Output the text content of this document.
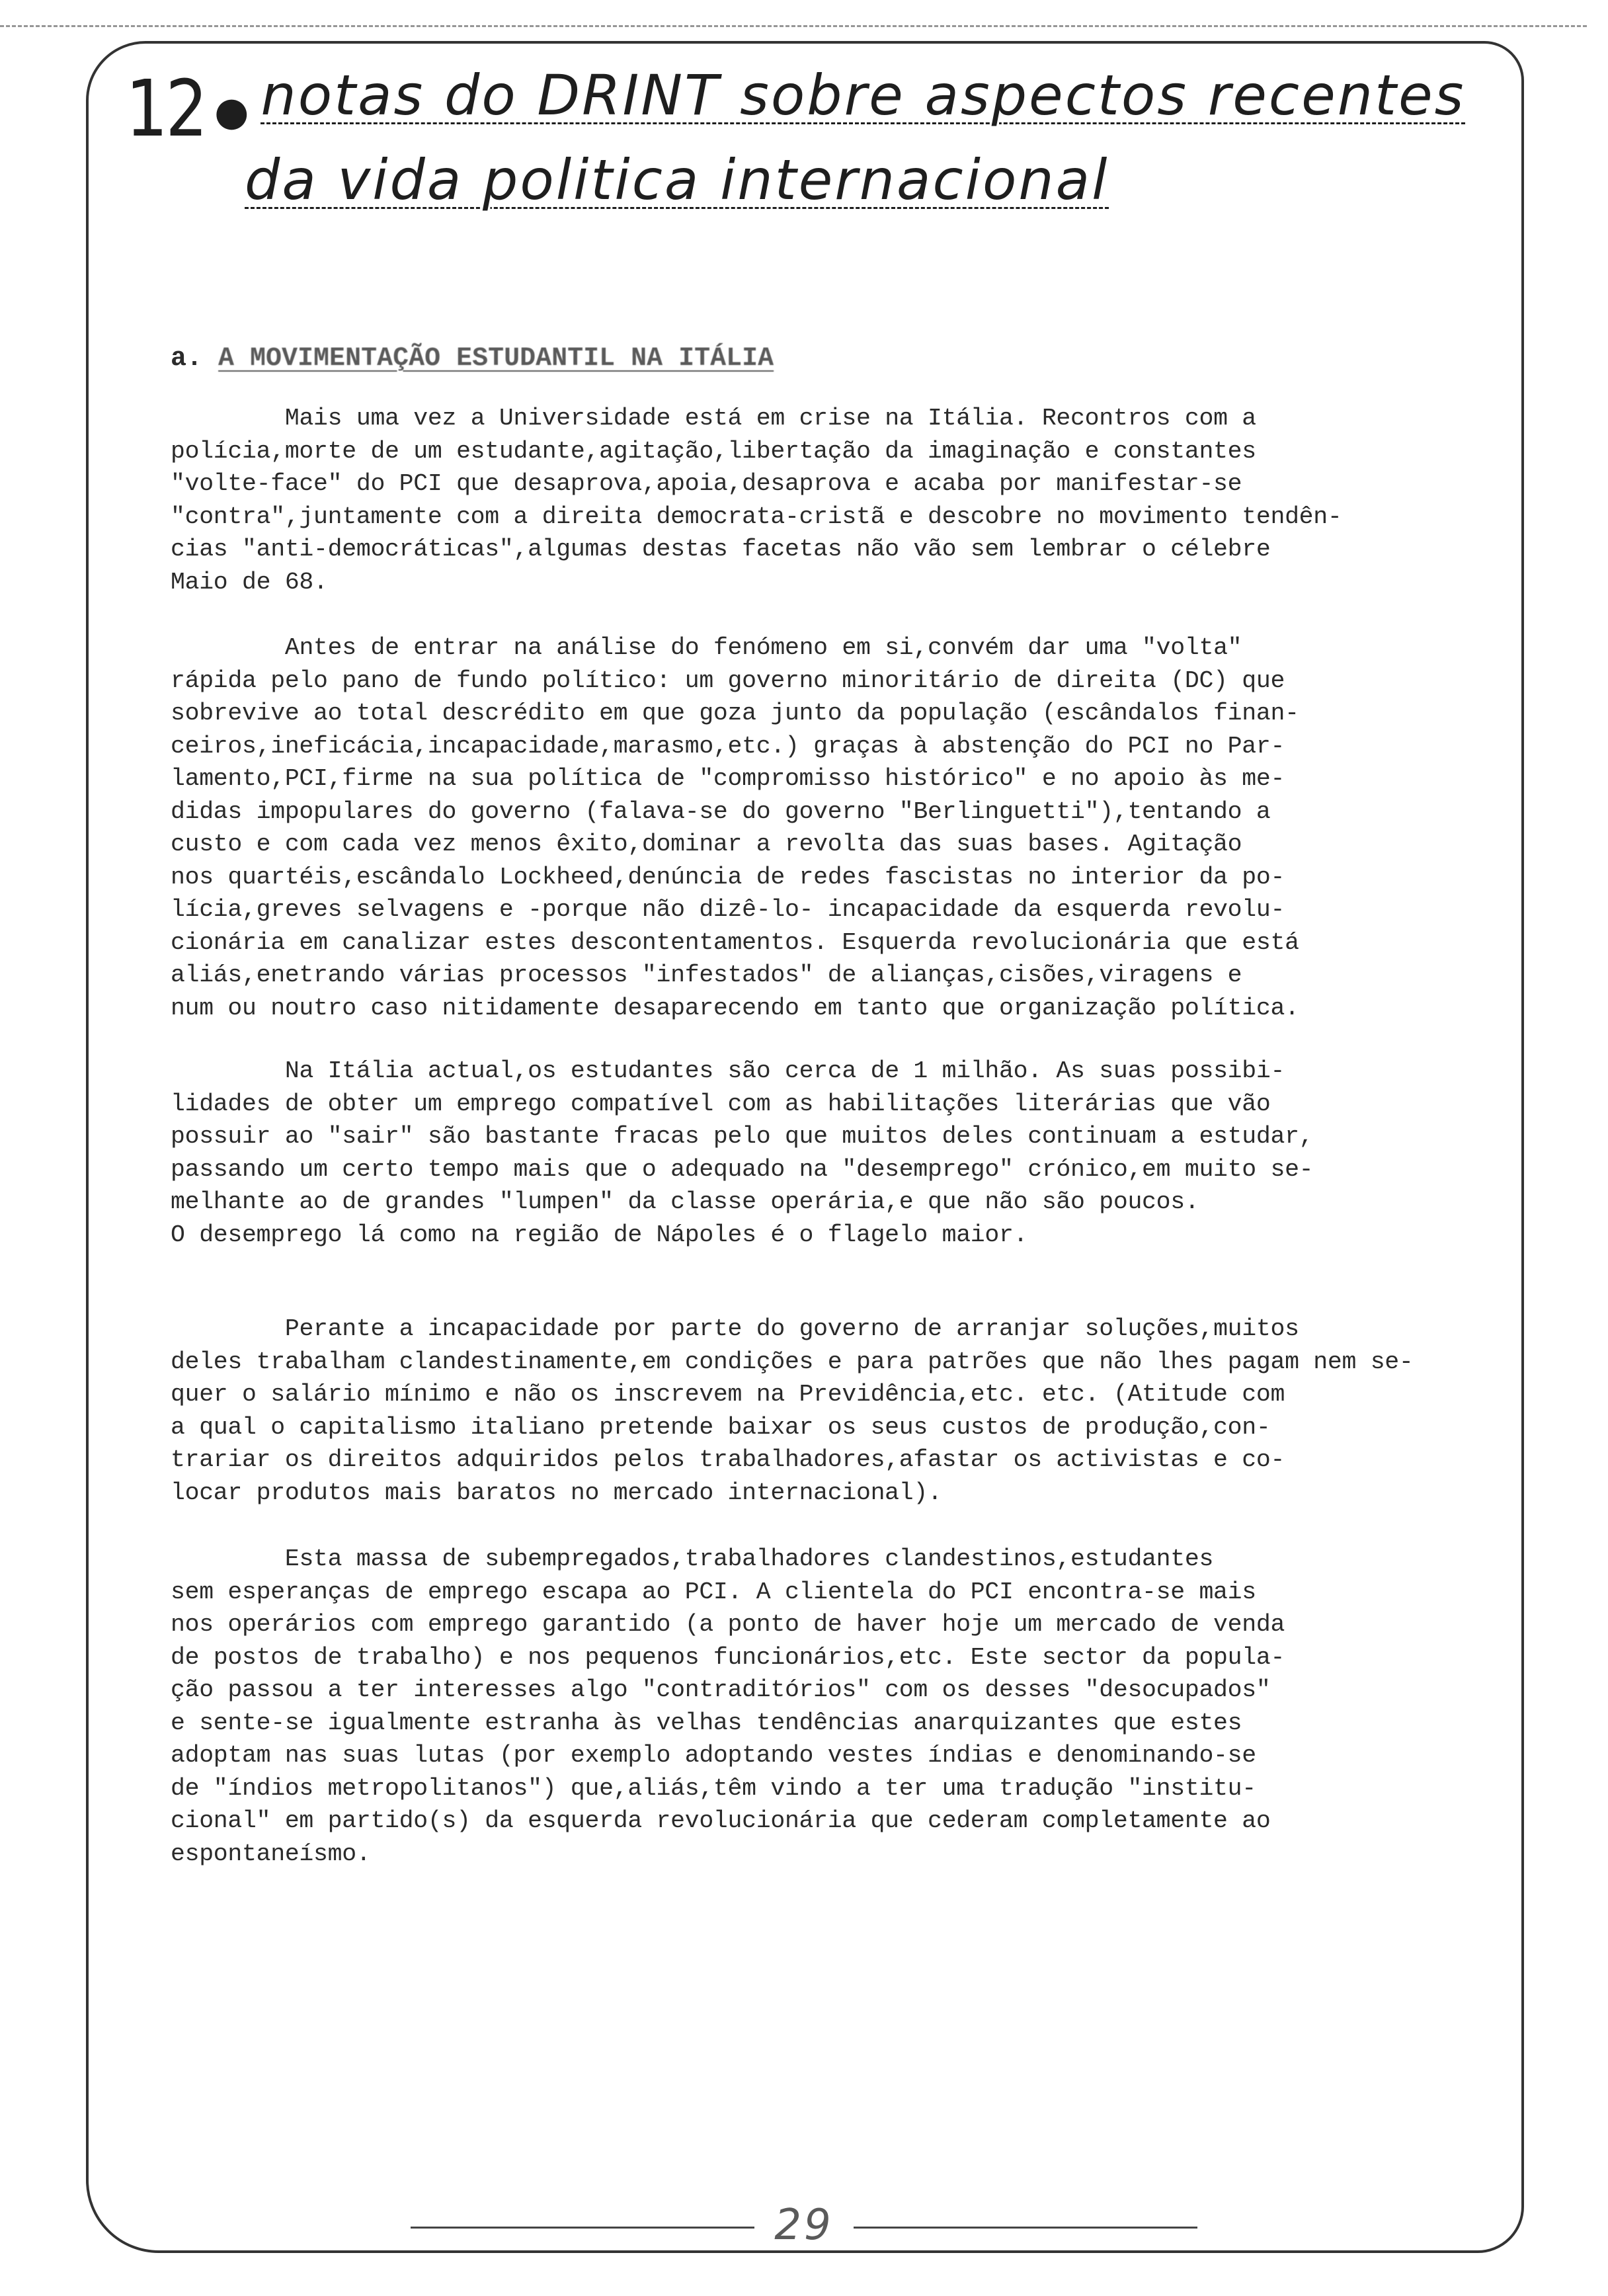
12 ● notas do DRINT sobre aspectos recentes
da vida politica internacional
a. A MOVIMENTAÇÃO ESTUDANTIL NA ITÁLIA
Mais uma vez a Universidade está em crise na Itália. Recontros com a
polícia,morte de um estudante,agitação,libertação da imaginação e constantes
"volte-face" do PCI que desaprova,apoia,desaprova e acaba por manifestar-se
"contra",juntamente com a direita democrata-cristã e descobre no movimento tendên-
cias "anti-democráticas",algumas destas facetas não vão sem lembrar o célebre
Maio de 68.
Antes de entrar na análise do fenómeno em si,convém dar uma "volta"
rápida pelo pano de fundo político: um governo minoritário de direita (DC) que
sobrevive ao total descrédito em que goza junto da população (escândalos finan-
ceiros,ineficácia,incapacidade,marasmo,etc.) graças à abstenção do PCI no Par-
lamento,PCI,firme na sua política de "compromisso histórico" e no apoio às me-
didas impopulares do governo (falava-se do governo "Berlinguetti"),tentando a
custo e com cada vez menos êxito,dominar a revolta das suas bases. Agitação
nos quartéis,escândalo Lockheed,denúncia de redes fascistas no interior da po-
lícia,greves selvagens e -porque não dizê-lo- incapacidade da esquerda revolu-
cionária em canalizar estes descontentamentos. Esquerda revolucionária que está
aliás,enetrando várias processos "infestados" de alianças,cisões,viragens e
num ou noutro caso nitidamente desaparecendo em tanto que organização política.
Na Itália actual,os estudantes são cerca de 1 milhão. As suas possibi-
lidades de obter um emprego compatível com as habilitações literárias que vão
possuir ao "sair" são bastante fracas pelo que muitos deles continuam a estudar,
passando um certo tempo mais que o adequado na "desemprego" crónico,em muito se-
melhante ao de grandes "lumpen" da classe operária,e que não são poucos.
O desemprego lá como na região de Nápoles é o flagelo maior.
Perante a incapacidade por parte do governo de arranjar soluções,muitos
deles trabalham clandestinamente,em condições e para patrões que não lhes pagam nem se-
quer o salário mínimo e não os inscrevem na Previdência,etc. etc. (Atitude com
a qual o capitalismo italiano pretende baixar os seus custos de produção,con-
trariar os direitos adquiridos pelos trabalhadores,afastar os activistas e co-
locar produtos mais baratos no mercado internacional).
Esta massa de subempregados,trabalhadores clandestinos,estudantes
sem esperanças de emprego escapa ao PCI. A clientela do PCI encontra-se mais
nos operários com emprego garantido (a ponto de haver hoje um mercado de venda
de postos de trabalho) e nos pequenos funcionários,etc. Este sector da popula-
ção passou a ter interesses algo "contraditórios" com os desses "desocupados"
e sente-se igualmente estranha às velhas tendências anarquizantes que estes
adoptam nas suas lutas (por exemplo adoptando vestes índias e denominando-se
de "índios metropolitanos") que,aliás,têm vindo a ter uma tradução "institu-
cional" em partido(s) da esquerda revolucionária que cederam completamente ao
espontaneísmo.
29
